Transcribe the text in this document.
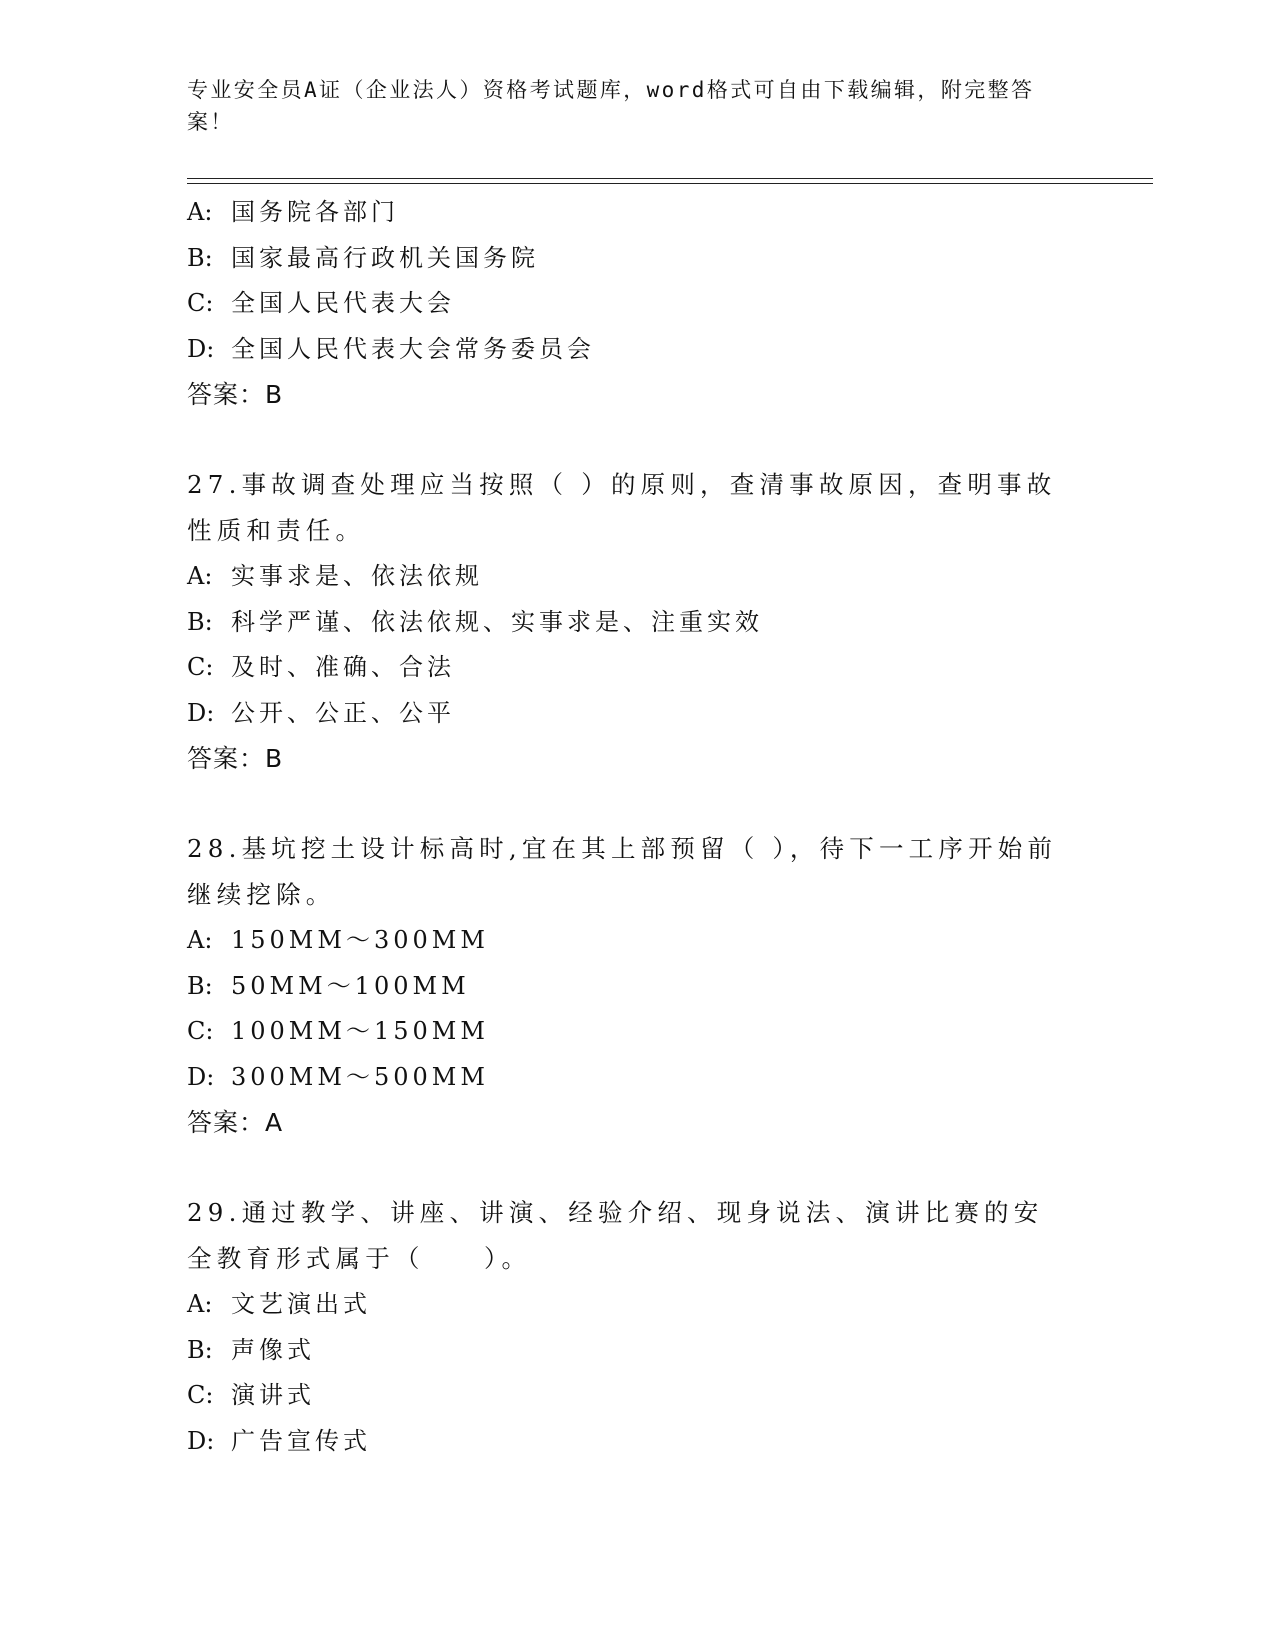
专业安全员A证（企业法人）资格考试题库，word格式可自由下载编辑，附完整答案！
A: 国务院各部门
B: 国家最高行政机关国务院
C: 全国人民代表大会
D: 全国人民代表大会常务委员会
答案：B
27.事故调查处理应当按照（ ）的原则，查清事故原因，查明事故性质和责任。
A: 实事求是、依法依规
B: 科学严谨、依法依规、实事求是、注重实效
C: 及时、准确、合法
D: 公开、公正、公平
答案：B
28.基坑挖土设计标高时,宜在其上部预留（ ），待下一工序开始前继续挖除。
A: 150MM～300MM
B: 50MM～100MM
C: 100MM～150MM
D: 300MM～500MM
答案：A
29.通过教学、讲座、讲演、经验介绍、现身说法、演讲比赛的安全教育形式属于（　　）。
A: 文艺演出式
B: 声像式
C: 演讲式
D: 广告宣传式
